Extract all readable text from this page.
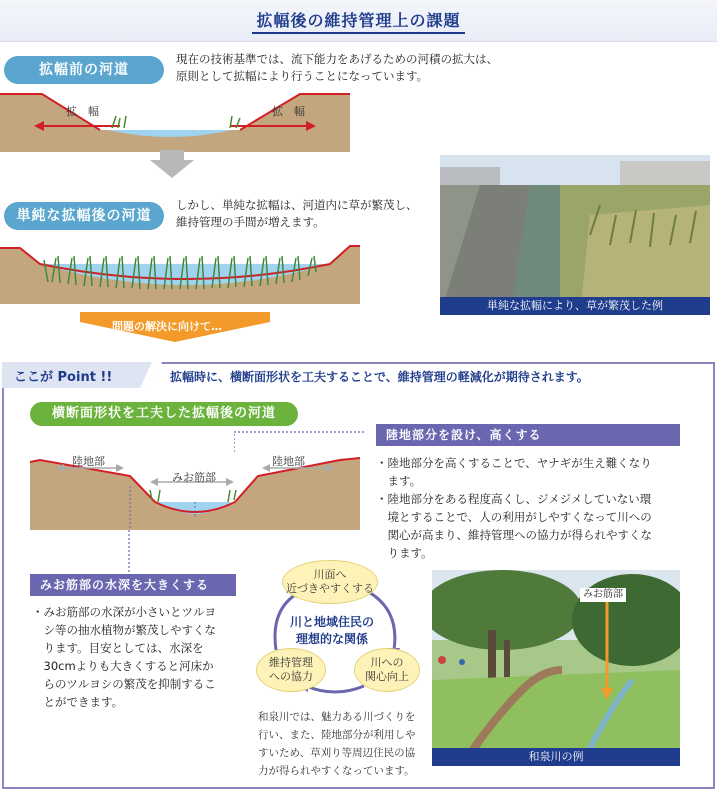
拡幅後の維持管理上の課題
拡幅前の河道
現在の技術基準では、流下能力をあげるための河積の拡大は、
原則として拡幅により行うことになっています。
拡　幅	拡　幅
単純な拡幅後の河道
しかし、単純な拡幅は、河道内に草が繁茂し、
維持管理の手間が増えます。
問題の解決に向けて…
単純な拡幅により、草が繁茂した例
ここが Point !!	拡幅時に、横断面形状を工夫することで、維持管理の軽減化が期待されます。
横断面形状を工夫した拡幅後の河道
陸地部
みお筋部
陸地部
陸地部分を設け、高くする
・陸地部分を高くすることで、ヤナギが生え難くなり
　ます。
・陸地部分をある程度高くし、ジメジメしていない環
　境とすることで、人の利用がしやすくなって川への
　関心が高まり、維持管理への協力が得られやすくな
　ります。
みお筋部の水深を大きくする
・みお筋部の水深が小さいとツルヨ
　シ等の抽水植物が繁茂しやすくな
　ります。目安としては、水深を
　30cmよりも大きくすると河床か
　らのツルヨシの繁茂を抑制するこ
　とができます。
川面へ
近づきやすくする
川と地域住民の
理想的な関係
維持管理
への協力
川への
関心向上
和泉川では、魅力ある川づくりを
行い、また、陸地部分が利用しや
すいため、草刈り等周辺住民の協
力が得られやすくなっています。
みお筋部
和泉川の例
